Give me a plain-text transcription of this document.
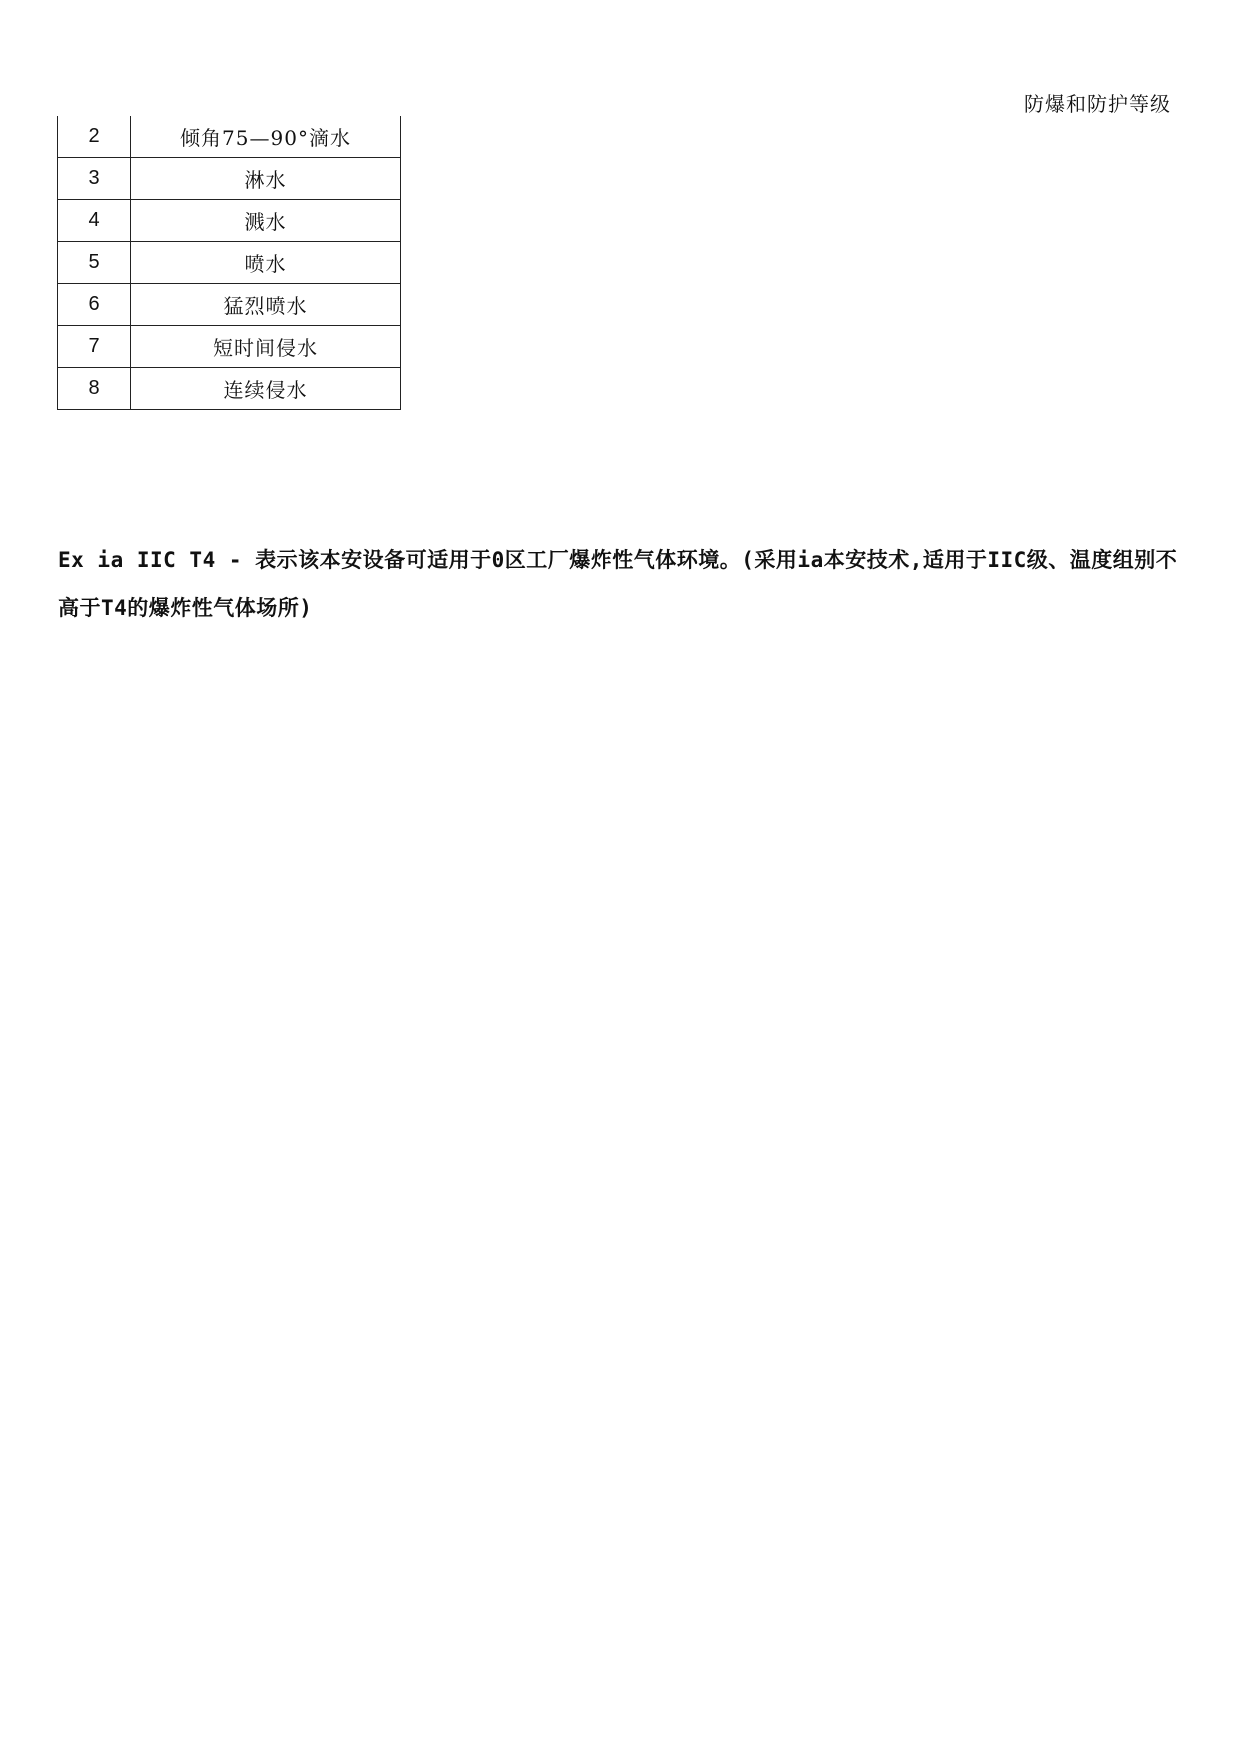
防爆和防护等级
2	倾角75—90°滴水
3	淋水
4	溅水
5	喷水
6	猛烈喷水
7	短时间侵水
8	连续侵水

Ex ia IIC T4 - 表示该本安设备可适用于0区工厂爆炸性气体环境。(采用ia本安技术,适用于IIC级、温度组别不高于T4的爆炸性气体场所)
